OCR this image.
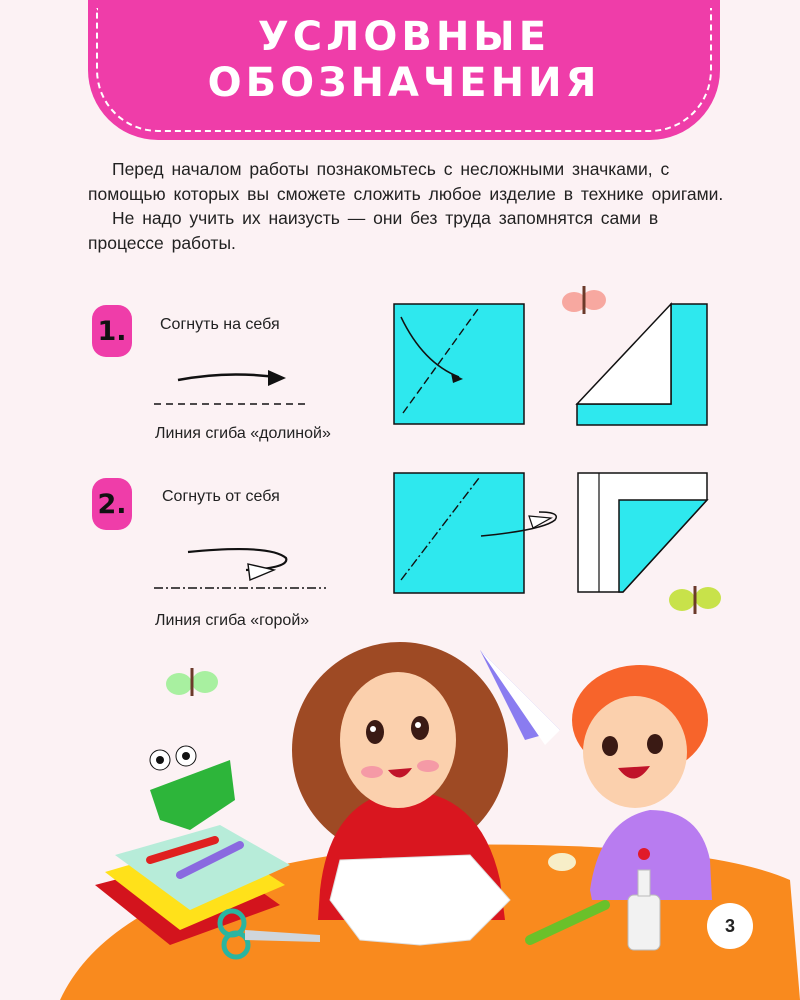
УСЛОВНЫЕ ОБОЗНАЧЕНИЯ

Перед началом работы познакомьтесь с несложными значками, с помощью которых вы сможете сложить любое изделие в технике оригами.

Не надо учить их наизусть — они без труда запомнятся сами в процессе работы.

1.	Согнуть на себя
Линия сгиба «долиной»
2.	Согнуть от себя
Линия сгиба «горой»
3
